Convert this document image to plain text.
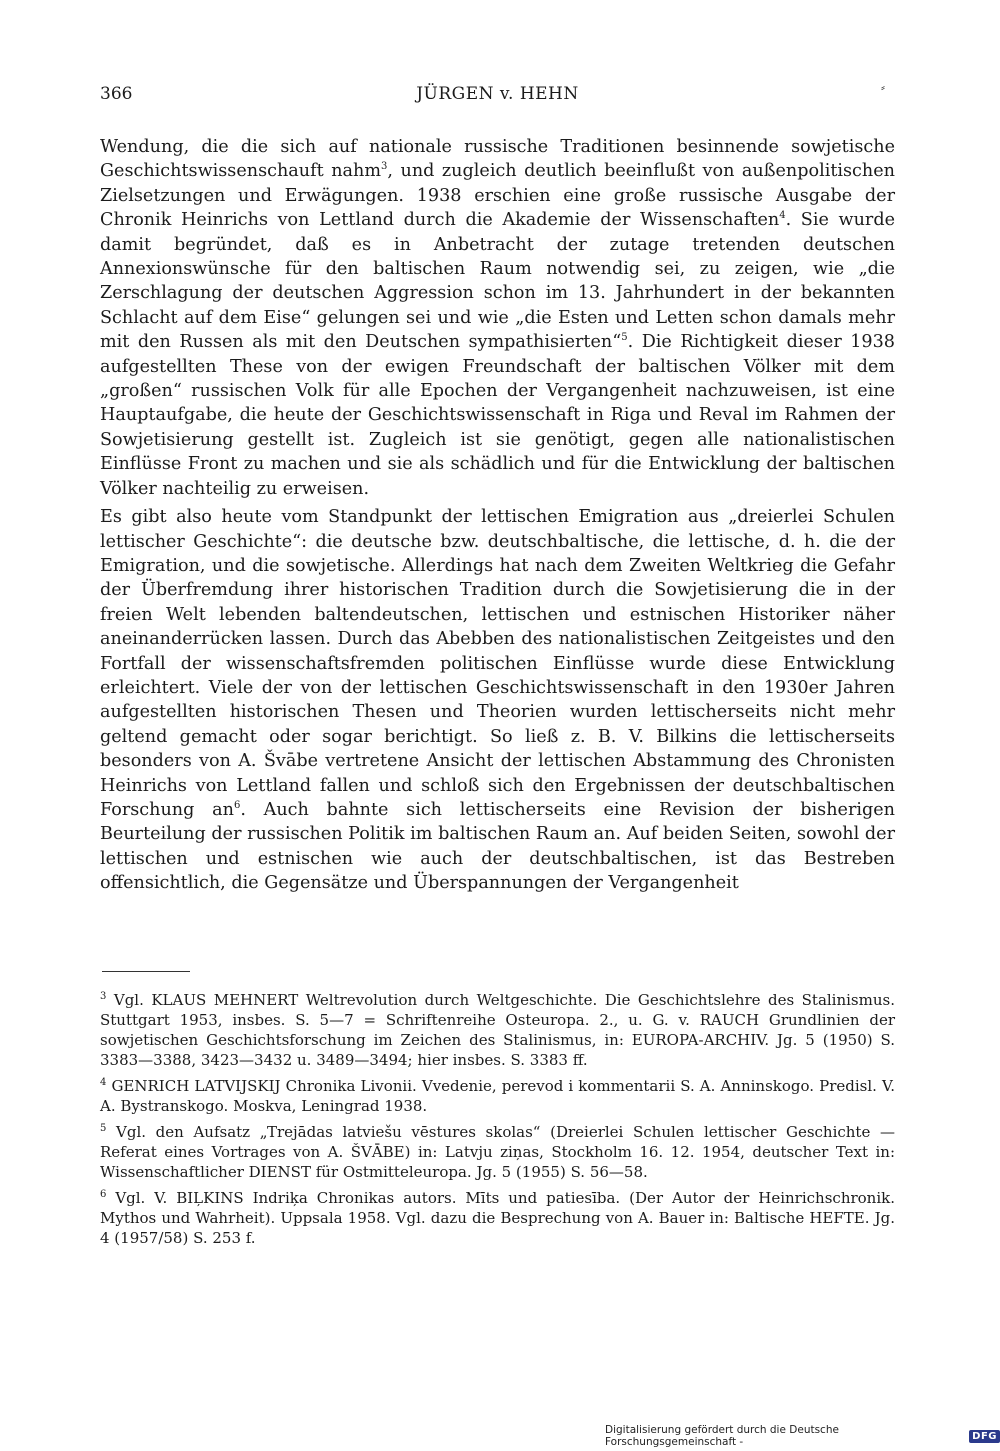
366	JÜRGEN v. HEHN	⸗

Wendung, die die sich auf nationale russische Traditionen besinnende sowjetische Geschichtswissenschauft nahm$^3$, und zugleich deutlich beeinflußt von außenpolitischen Zielsetzungen und Erwägungen. 1938 erschien eine große russische Ausgabe der Chronik Heinrichs von Lettland durch die Akademie der Wissenschaften$^4$. Sie wurde damit begründet, daß es in Anbetracht der zutage tretenden deutschen Annexionswünsche für den baltischen Raum notwendig sei, zu zeigen, wie „die Zerschlagung der deutschen Aggression schon im 13. Jahrhundert in der bekannten Schlacht auf dem Eise“ gelungen sei und wie „die Esten und Letten schon damals mehr mit den Russen als mit den Deutschen sympathisierten“$^5$. Die Richtigkeit dieser 1938 aufgestellten These von der ewigen Freundschaft der baltischen Völker mit dem „großen“ russischen Volk für alle Epochen der Vergangenheit nachzuweisen, ist eine Hauptaufgabe, die heute der Geschichtswissenschaft in Riga und Reval im Rahmen der Sowjetisierung gestellt ist. Zugleich ist sie genötigt, gegen alle nationalistischen Einflüsse Front zu machen und sie als schädlich und für die Entwicklung der baltischen Völker nachteilig zu erweisen.

Es gibt also heute vom Standpunkt der lettischen Emigration aus „dreierlei Schulen lettischer Geschichte“: die deutsche bzw. deutschbaltische, die lettische, d. h. die der Emigration, und die sowjetische. Allerdings hat nach dem Zweiten Weltkrieg die Gefahr der Überfremdung ihrer historischen Tradition durch die Sowjetisierung die in der freien Welt lebenden baltendeutschen, lettischen und estnischen Historiker näher aneinanderrücken lassen. Durch das Abebben des nationalistischen Zeitgeistes und den Fortfall der wissenschaftsfremden politischen Einflüsse wurde diese Entwicklung erleichtert. Viele der von der lettischen Geschichtswissenschaft in den 1930er Jahren aufgestellten historischen Thesen und Theorien wurden lettischerseits nicht mehr geltend gemacht oder sogar berichtigt. So ließ z. B. V. Bilkins die lettischerseits besonders von A. Švābe vertretene Ansicht der lettischen Abstammung des Chronisten Heinrichs von Lettland fallen und schloß sich den Ergebnissen der deutschbaltischen Forschung $an^6$. Auch bahnte sich lettischerseits eine Revision der bisherigen Beurteilung der russischen Politik im baltischen Raum an. Auf beiden Seiten, sowohl der lettischen und estnischen wie auch der deutschbaltischen, ist das Bestreben offensichtlich, die Gegensätze und Überspannungen der Vergangenheit

$^3$ Vgl. KLAUS MEHNERT Weltrevolution durch Weltgeschichte. Die Geschichtslehre des Stalinismus. Stuttgart 1953, insbes. S. 5—7 = Schriftenreihe Osteuropa. 2., u. G. v. RAUCH Grundlinien der sowjetischen Geschichtsforschung im Zeichen des Stalinismus, in: EUROPA-ARCHIV. Jg. 5 (1950) S. 3383—3388, 3423—3432 u. 3489—3494; hier insbes. S. 3383 ff.

$^4$ GENRICH LATVIJSKIJ Chronika Livonii. Vvedenie, perevod i kommentarii S. A. Anninskogo. Predisl. V. A. Bystranskogo. Moskva, Leningrad 1938.

$^5$ Vgl. den Aufsatz „Trejādas latviešu vēstures skolas“ (Dreierlei Schulen lettischer Geschichte — Referat eines Vortrages von A. ŠVĀBE) in: Latvju ziņas, Stockholm 16. 12. 1954, deutscher Text in: Wissenschaftlicher DIENST für Ostmitteleuropa. Jg. 5 (1955) S. 56—58.

$^6$ Vgl. V. BIĻKINS Indriķa Chronikas autors. Mīts und patiesība. (Der Autor der Heinrichschronik. Mythos und Wahrheit). Uppsala 1958. Vgl. dazu die Besprechung von A. Bauer in: Baltische HEFTE. Jg. 4 (1957/58) S. 253 f.

Digitalisierung gefördert durch die Deutsche Forschungsgemeinschaft -	DFG
